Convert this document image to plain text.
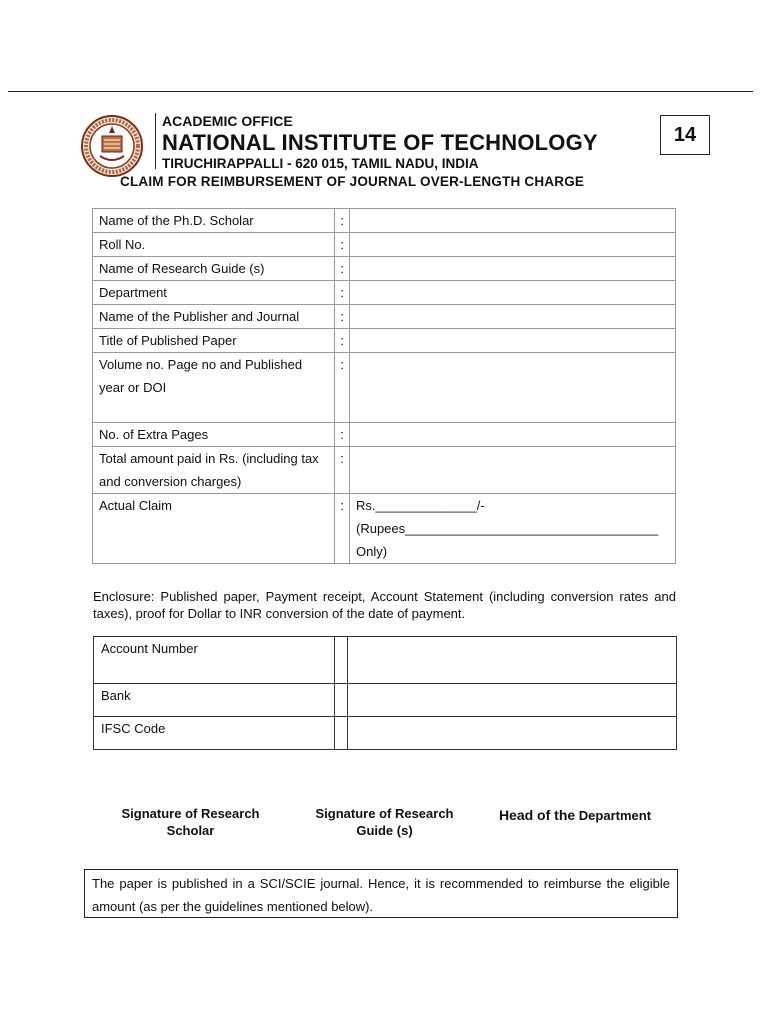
ACADEMIC OFFICE
NATIONAL INSTITUTE OF TECHNOLOGY
TIRUCHIRAPPALLI - 620 015, TAMIL NADU, INDIA
14
CLAIM FOR REIMBURSEMENT OF JOURNAL OVER-LENGTH CHARGE
Name of the Ph.D. Scholar	:	
Roll No.	:	
Name of Research Guide (s)	:	
Department	:	
Name of the Publisher and Journal	:	
Title of Published Paper	:	
Volume no. Page no and Published year or DOI	:	
No. of Extra Pages	:	
Total amount paid in Rs. (including tax and conversion charges)	:	
Actual Claim	:	Rs.______________/-
(Rupees___________________________________
Only)
Enclosure: Published paper, Payment receipt, Account Statement (including conversion rates and taxes), proof for Dollar to INR conversion of the date of payment.
Account Number		
Bank		
IFSC Code		
Signature of Research Scholar
Signature of Research Guide (s)
Head of the Department
The paper is published in a SCI/SCIE journal. Hence, it is recommended to reimburse the eligible amount (as per the guidelines mentioned below).
